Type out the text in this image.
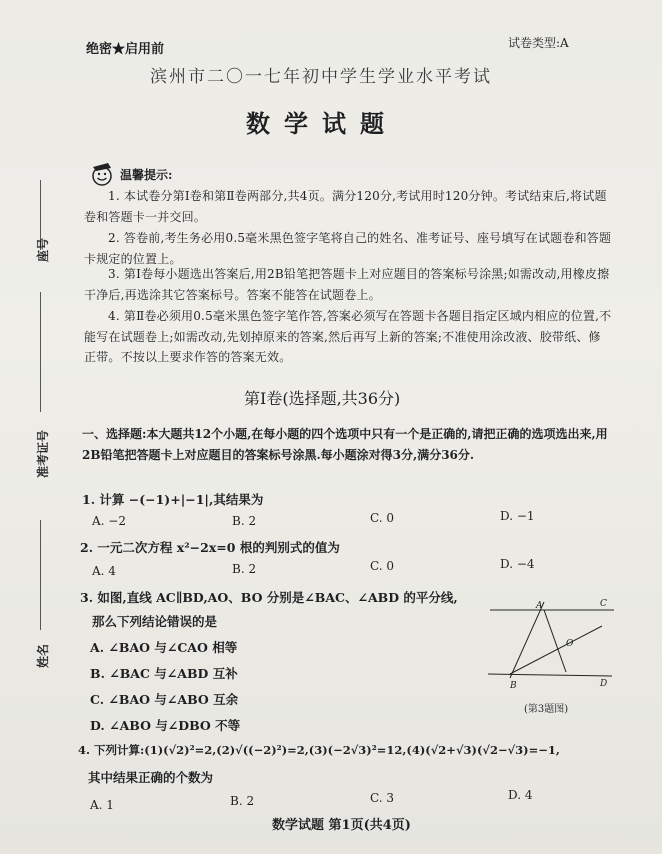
绝密★启用前	试卷类型:A
滨州市二〇一七年初中学生学业水平考试
数学试题
温馨提示:
1. 本试卷分第Ⅰ卷和第Ⅱ卷两部分,共4页。满分120分,考试用时120分钟。考试结束后,将试题卷和答题卡一并交回。
2. 答卷前,考生务必用0.5毫米黑色签字笔将自己的姓名、准考证号、座号填写在试题卷和答题卡规定的位置上。
3. 第Ⅰ卷每小题选出答案后,用2B铅笔把答题卡上对应题目的答案标号涂黑;如需改动,用橡皮擦干净后,再选涂其它答案标号。答案不能答在试题卷上。
4. 第Ⅱ卷必须用0.5毫米黑色签字笔作答,答案必须写在答题卡各题目指定区域内相应的位置,不能写在试题卷上;如需改动,先划掉原来的答案,然后再写上新的答案;不准使用涂改液、胶带纸、修正带。不按以上要求作答的答案无效。
第Ⅰ卷(选择题,共36分)
一、选择题:本大题共12个小题,在每小题的四个选项中只有一个是正确的,请把正确的选项选出来,用2B铅笔把答题卡上对应题目的答案标号涂黑.每小题涂对得3分,满分36分.
1. 计算 −(−1)+|−1|,其结果为
A. −2	B. 2	C. 0	D. −1
2. 一元二次方程 x²−2x=0 根的判别式的值为
A. 4	B. 2	C. 0	D. −4
3. 如图,直线 AC∥BD,AO、BO 分别是∠BAC、∠ABD 的平分线,
那么下列结论错误的是
A. ∠BAO 与∠CAO 相等
B. ∠BAC 与∠ABD 互补
C. ∠BAO 与∠ABO 互余
D. ∠ABO 与∠DBO 不等
A	C
O
B	D
(第3题图)
4. 下列计算:(1)(√2)²=2,(2)√((−2)²)=2,(3)(−2√3)²=12,(4)(√2+√3)(√2−√3)=−1,
其中结果正确的个数为
A. 1	B. 2	C. 3	D. 4
座号
准考证号
姓名
数学试题 第1页(共4页)
